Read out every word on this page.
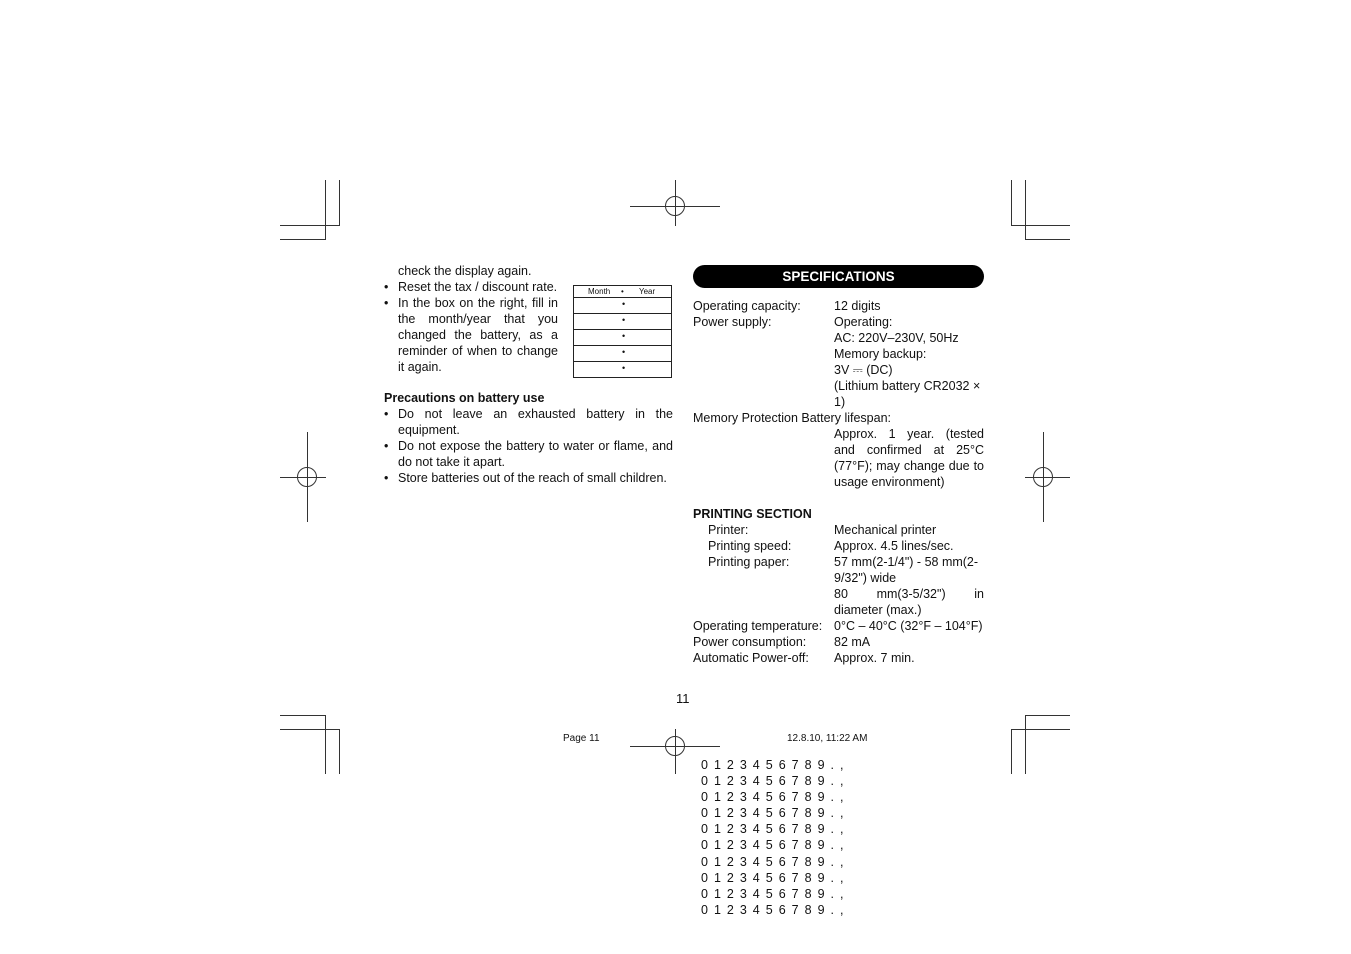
check the display again.
• Reset the tax / discount rate.
• In the box on the right, fill in the month/year that you changed the battery, as a reminder of when to change it again.
Precautions on battery use
• Do not leave an exhausted battery in the equipment.
• Do not expose the battery to water or flame, and do not take it apart.
• Store batteries out of the reach of small children.
Month • Year
•
•
•
•
•
SPECIFICATIONS
Operating capacity:	12 digits
Power supply:	Operating:
AC: 220V–230V, 50Hz
Memory backup:
3V ⎓ (DC)
(Lithium battery CR2032 ×
1)
Memory Protection Battery lifespan:
Approx. 1 year. (tested and confirmed at 25°C (77°F); may change due to usage environment)
PRINTING SECTION
Printer:	Mechanical printer
Printing speed:	Approx. 4.5 lines/sec.
Printing paper:	57 mm(2-1/4") - 58 mm(2-9/32") wide
80 mm(3-5/32") in diameter (max.)
Operating temperature: 0°C – 40°C (32°F – 104°F)
Power consumption: 82 mA
Automatic Power-off: Approx. 7 min.
11
Page 11	12.8.10, 11:22 AM
0123456789.,
0123456789.,
0123456789.,
0123456789.,
0123456789.,
0123456789.,
0123456789.,
0123456789.,
0123456789.,
0123456789.,
